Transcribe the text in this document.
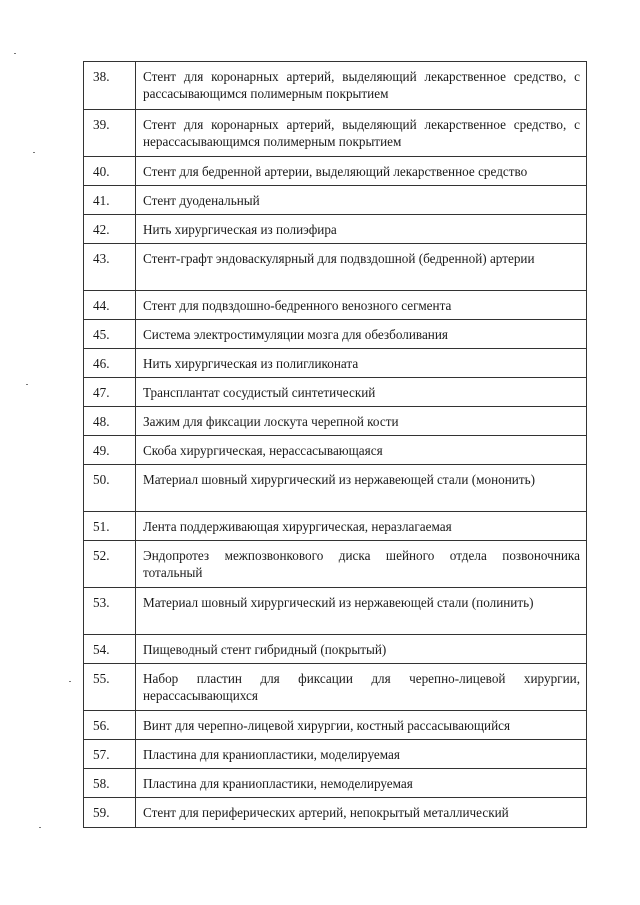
38.	Стент для коронарных артерий, выделяющий лекарственное средство, с рассасывающимся полимерным покрытием
39.	Стент для коронарных артерий, выделяющий лекарственное средство, с нерассасывающимся полимерным покрытием
40.	Стент для бедренной артерии, выделяющий лекарственное средство
41.	Стент дуоденальный
42.	Нить хирургическая из полиэфира
43.	Стент-графт эндоваскулярный для подвздошной (бедренной) артерии
44.	Стент для подвздошно-бедренного венозного сегмента
45.	Система электростимуляции мозга для обезболивания
46.	Нить хирургическая из полигликоната
47.	Трансплантат сосудистый синтетический
48.	Зажим для фиксации лоскута черепной кости
49.	Скоба хирургическая, нерассасывающаяся
50.	Материал шовный хирургический из нержавеющей стали (мононить)
51.	Лента поддерживающая хирургическая, неразлагаемая
52.	Эндопротез межпозвонкового диска шейного отдела позвоночника тотальный
53.	Материал шовный хирургический из нержавеющей стали (полинить)
54.	Пищеводный стент гибридный (покрытый)
55.	Набор пластин для фиксации для черепно-лицевой хирургии, нерассасывающихся
56.	Винт для черепно-лицевой хирургии, костный рассасывающийся
57.	Пластина для краниопластики, моделируемая
58.	Пластина для краниопластики, немоделируемая
59.	Стент для периферических артерий, непокрытый металлический
